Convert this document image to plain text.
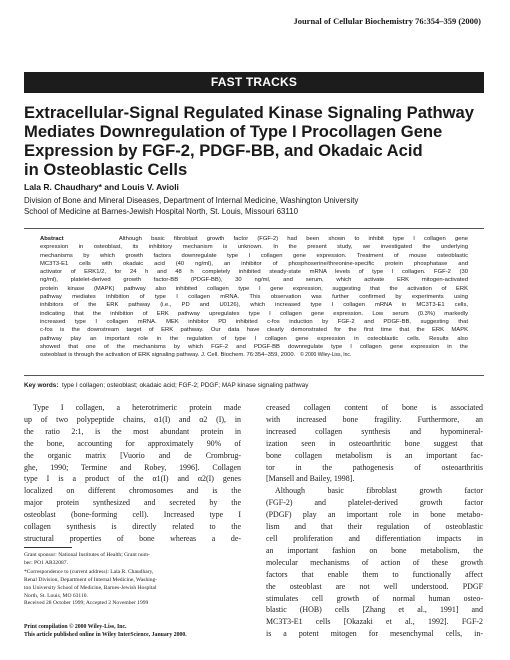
Journal of Cellular Biochemistry 76:354–359 (2000)
FAST TRACKS
Extracellular-Signal Regulated Kinase Signaling Pathway
Mediates Downregulation of Type I Procollagen Gene
Expression by FGF-2, PDGF-BB, and Okadaic Acid
in Osteoblastic Cells
Lala R. Chaudhary* and Louis V. Avioli
Division of Bone and Mineral Diseases, Department of Internal Medicine, Washington University
School of Medicine at Barnes-Jewish Hospital North, St. Louis, Missouri 63110

Abstract	Although basic fibroblast growth factor (FGF-2) had been shown to inhibit type I collagen gene

expression in osteoblast, its inhibitory mechanism is unknown. In the present study, we investigated the underlying

mechanisms by which growth factors downregulate type I collagen gene expression. Treatment of mouse osteoblastic

MC3T3-E1 cells with okadaic acid (40 ng/ml), an inhibitor of phosphoserine/threonine-specific protein phosphatase and

activator of ERK1/2, for 24 h and 48 h completely inhibited steady-state mRNA levels of type I collagen. FGF-2 (30

ng/ml), platelet-derived growth factor-BB (PDGF-BB), 30 ng/ml, and serum, which activate ERK mitogen-activated

protein kinase (MAPK) pathway also inhibited collagen type I gene expression, suggesting that the activation of ERK

pathway mediates inhibition of type I collagen mRNA. This observation was further confirmed by experiments using

inhibitors of the ERK pathway (i.e., PD and U0126), which increased type I collagen mRNA in MC3T3-E1 cells,

indicating that the inhibition of ERK pathway upregulates type I collagen gene expression. Low serum (0.3%) markedly

increased type I collagen mRNA. MEK inhibitor PD inhibited c-fos induction by FGF-2 and PDGF-BB, suggesting that

c-fos is the downstream target of ERK pathway. Our data have clearly demonstrated for the first time that the ERK MAPK

pathway play an important role in the regulation of type I collagen gene expression in osteoblastic cells. Results also

showed that one of the mechanisms by which FGF-2 and PDGF-BB downregulate type I collagen gene expression in the

osteoblast is through the activation of ERK signaling pathway. J. Cell. Biochem. 76:354–359, 2000. © 2000 Wiley-Liss, Inc.

Key words: type I collagen; osteoblast; okadaic acid; FGF-2; PDGF; MAP kinase signaling pathway
Type I collagen, a heterotrimeric protein made
up of two polypeptide chains, α1(I) and α2 (I), in
the ratio 2:1, is the most abundant protein in
the bone, accounting for approximately 90% of
the organic matrix [Vuorio and de Crombrug-
ghe, 1990; Termine and Robey, 1996]. Collagen
type I is a product of the α1(I) and α2(I) genes
localized on different chromosomes and is the
major protein synthesized and secreted by the
osteoblast (bone-forming cell). Increased type I
collagen synthesis is directly related to the
structural properties of bone whereas a de-
creased collagen content of bone is associated
with increased bone fragility. Furthermore, an
increased collagen synthesis and hypomineral-
ization seen in osteoarthritic bone suggest that
bone collagen metabolism is an important fac-
tor in the pathogenesis of osteoarthritis
[Mansell and Bailey, 1998].
Although basic fibroblast growth factor
(FGF-2) and platelet-derived growth factor
(PDGF) play an important role in bone metabo-
lism and that their regulation of osteoblastic
cell proliferation and differentiation impacts in
an important fashion on bone metabolism, the
molecular mechanisms of action of these growth
factors that enable them to functionally affect
the osteoblast are not well understood. PDGF
stimulates cell growth of normal human osteo-
blastic (HOB) cells [Zhang et al., 1991] and
MC3T3-E1 cells [Okazaki et al., 1992]. FGF-2
is a potent mitogen for mesenchymal cells, in-
Grant sponsor: National Institutes of Health; Grant num-
ber: PO1 AR32087.
*Correspondence to (current address): Lala R. Chaudhary,
Renal Division, Department of Internal Medicine, Washing-
ton University School of Medicine, Barnes-Jewish Hospital
North, St. Louis, MO 63110.
Received 28 October 1999; Accepted 2 November 1999
Print compilation © 2000 Wiley-Liss, Inc.
This article published online in Wiley InterScience, January 2000.
